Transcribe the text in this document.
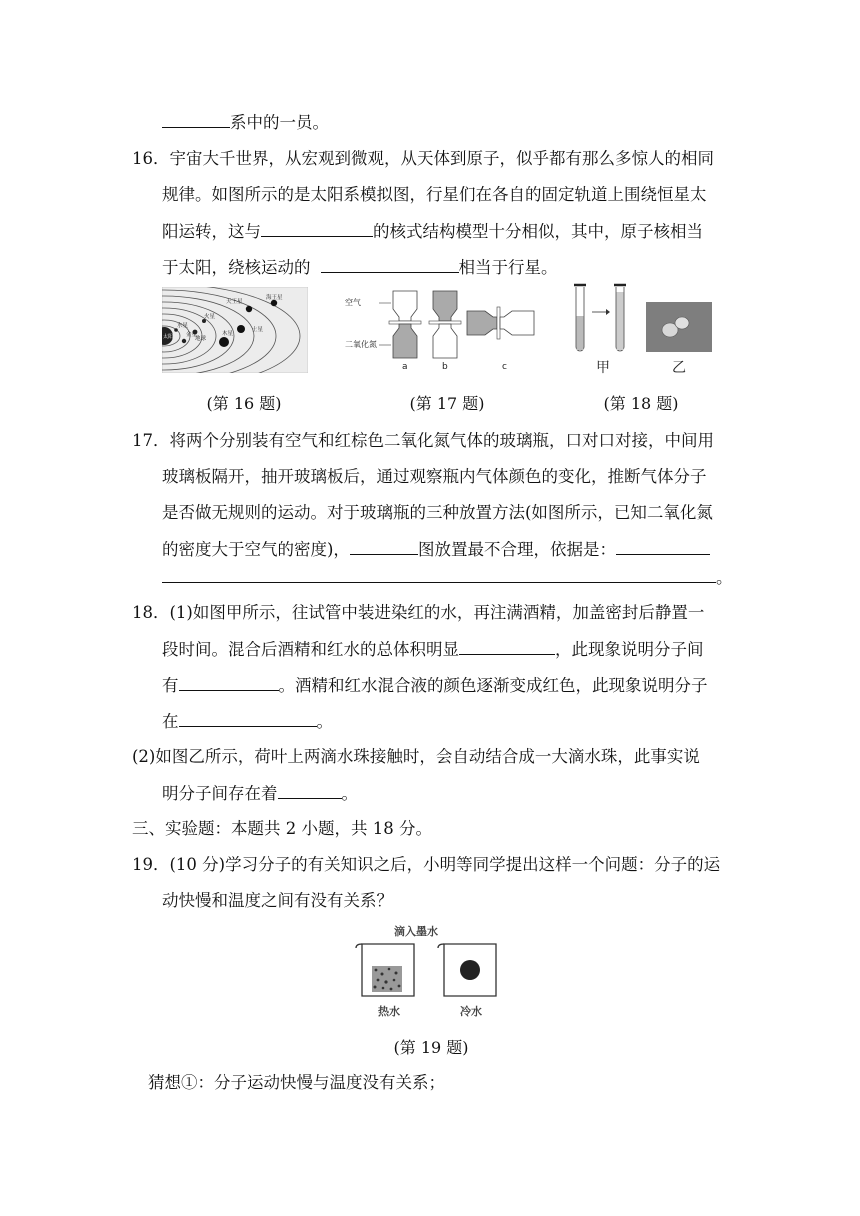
系中的一员。
16．宇宙大千世界，从宏观到微观，从天体到原子，似乎都有那么多惊人的相同
规律。如图所示的是太阳系模拟图，行星们在各自的固定轨道上围绕恒星太
阳运转，这与	的核式结构模型十分相似，其中，原子核相当
于太阳，绕核运动的	相当于行星。
太阳
海王星
天王星
土星
木星
火星
地球
金星
水星
空气
二氧化氮
a	b	c	甲	乙
(第 16 题)	(第 17 题)	(第 18 题)
17．将两个分别装有空气和红棕色二氧化氮气体的玻璃瓶，口对口对接，中间用
玻璃板隔开，抽开玻璃板后，通过观察瓶内气体颜色的变化，推断气体分子
是否做无规则的运动。对于玻璃瓶的三种放置方法(如图所示，已知二氧化氮
的密度大于空气的密度)，	图放置最不合理，依据是：
。
18．(1)如图甲所示，往试管中装进染红的水，再注满酒精，加盖密封后静置一
段时间。混合后酒精和红水的总体积明显	，此现象说明分子间
有	。酒精和红水混合液的颜色逐渐变成红色，此现象说明分子
在	。
(2)如图乙所示，荷叶上两滴水珠接触时，会自动结合成一大滴水珠，此事实说
明分子间存在着	。
三、实验题：本题共 2 小题，共 18 分。
19．(10 分)学习分子的有关知识之后，小明等同学提出这样一个问题：分子的运
动快慢和温度之间有没有关系？
滴入墨水
热水	冷水
(第 19 题)
猜想①：分子运动快慢与温度没有关系；
